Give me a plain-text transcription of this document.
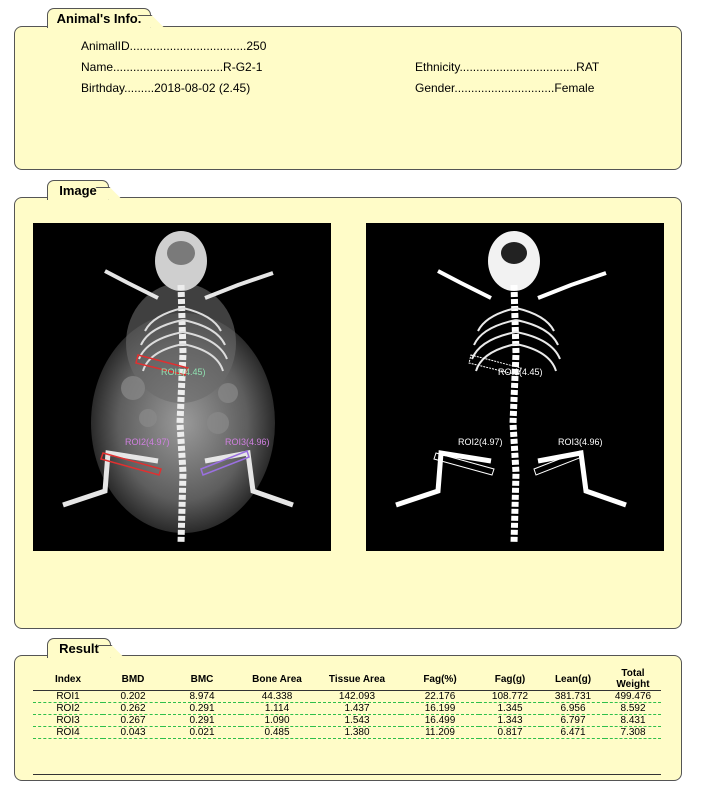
Animal's Info.
AnimalID...................................250
Name.................................R-G2-1
Birthday.........2018-08-02 (2.45)
Ethnicity...................................RAT
Gender..............................Female
Image
ROI1(4.45)
ROI2(4.97)	ROI3(4.96)
ROI1(4.45)
ROI2(4.97)	ROI3(4.96)
Result
Index	BMD	BMC	Bone Area	Tissue Area	Fag(%)	Fag(g)	Lean(g)	Total Weight
ROI1	0.202	8.974	44.338	142.093	22.176	108.772	381.731	499.476
ROI2	0.262	0.291	1.114	1.437	16.199	1.345	6.956	8.592
ROI3	0.267	0.291	1.090	1.543	16.499	1.343	6.797	8.431
ROI4	0.043	0.021	0.485	1.380	11.209	0.817	6.471	7.308
